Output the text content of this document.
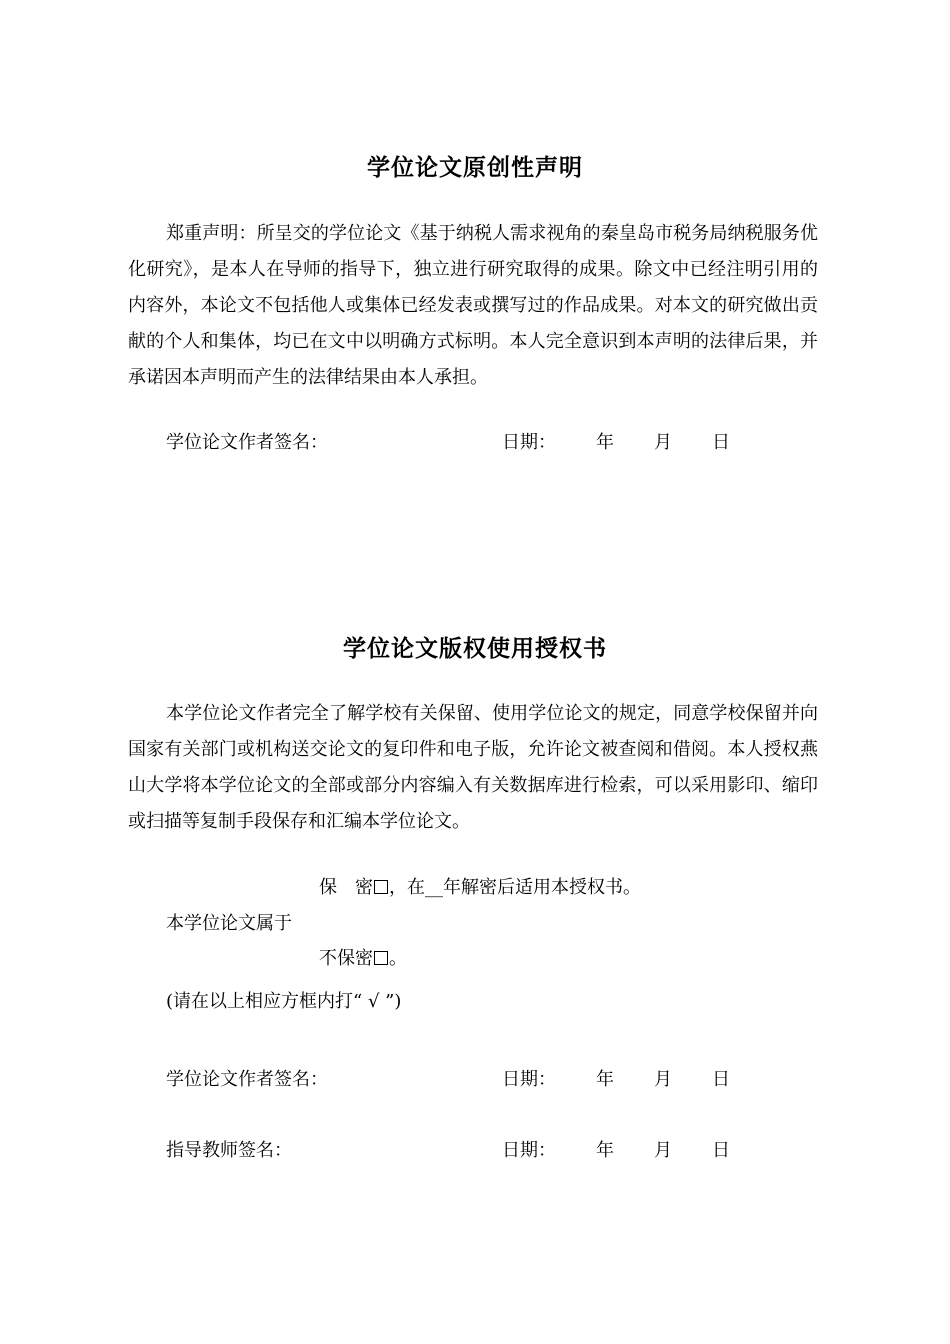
学位论文原创性声明
郑重声明：所呈交的学位论文《基于纳税人需求视角的秦皇岛市税务局纳税服务优化研究》，是本人在导师的指导下，独立进行研究取得的成果。除文中已经注明引用的内容外，本论文不包括他人或集体已经发表或撰写过的作品成果。对本文的研究做出贡献的个人和集体，均已在文中以明确方式标明。本人完全意识到本声明的法律后果，并承诺因本声明而产生的法律结果由本人承担。
学位论文作者签名：	日期： 年 月 日
学位论文版权使用授权书
本学位论文作者完全了解学校有关保留、使用学位论文的规定，同意学校保留并向国家有关部门或机构送交论文的复印件和电子版，允许论文被查阅和借阅。本人授权燕山大学将本学位论文的全部或部分内容编入有关数据库进行检索，可以采用影印、缩印或扫描等复制手段保存和汇编本学位论文。
保　密 ，在__年解密后适用本授权书。
本学位论文属于
不保密 。
(请在以上相应方框内打“ √ ”)
学位论文作者签名：	日期： 年 月 日
指导教师签名：	日期： 年 月 日
